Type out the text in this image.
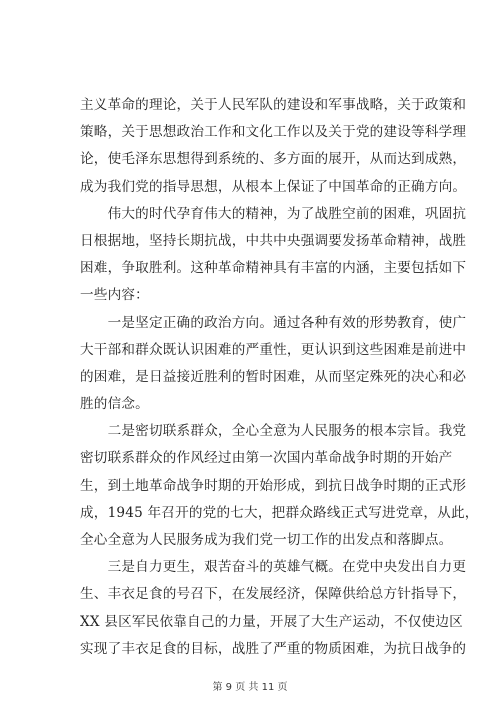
主义革命的理论，关于人民军队的建设和军事战略，关于政策和
策略，关于思想政治工作和文化工作以及关于党的建设等科学理
论，使毛泽东思想得到系统的、多方面的展开，从而达到成熟，
成为我们党的指导思想，从根本上保证了中国革命的正确方向。
　　伟大的时代孕育伟大的精神，为了战胜空前的困难，巩固抗
日根据地，坚持长期抗战，中共中央强调要发扬革命精神，战胜
困难，争取胜利。这种革命精神具有丰富的内涵，主要包括如下
一些内容：
　　一是坚定正确的政治方向。通过各种有效的形势教育，使广
大干部和群众既认识困难的严重性，更认识到这些困难是前进中
的困难，是日益接近胜利的暂时困难，从而坚定殊死的决心和必
胜的信念。
　　二是密切联系群众，全心全意为人民服务的根本宗旨。我党
密切联系群众的作风经过由第一次国内革命战争时期的开始产
生，到土地革命战争时期的开始形成，到抗日战争时期的正式形
成，1945 年召开的党的七大，把群众路线正式写进党章，从此，
全心全意为人民服务成为我们党一切工作的出发点和落脚点。
　　三是自力更生，艰苦奋斗的英雄气概。在党中央发出自力更
生、丰衣足食的号召下，在发展经济，保障供给总方针指导下，
XX 县区军民依靠自己的力量，开展了大生产运动，不仅使边区
实现了丰衣足食的目标，战胜了严重的物质困难，为抗日战争的
第 9 页 共 11 页
